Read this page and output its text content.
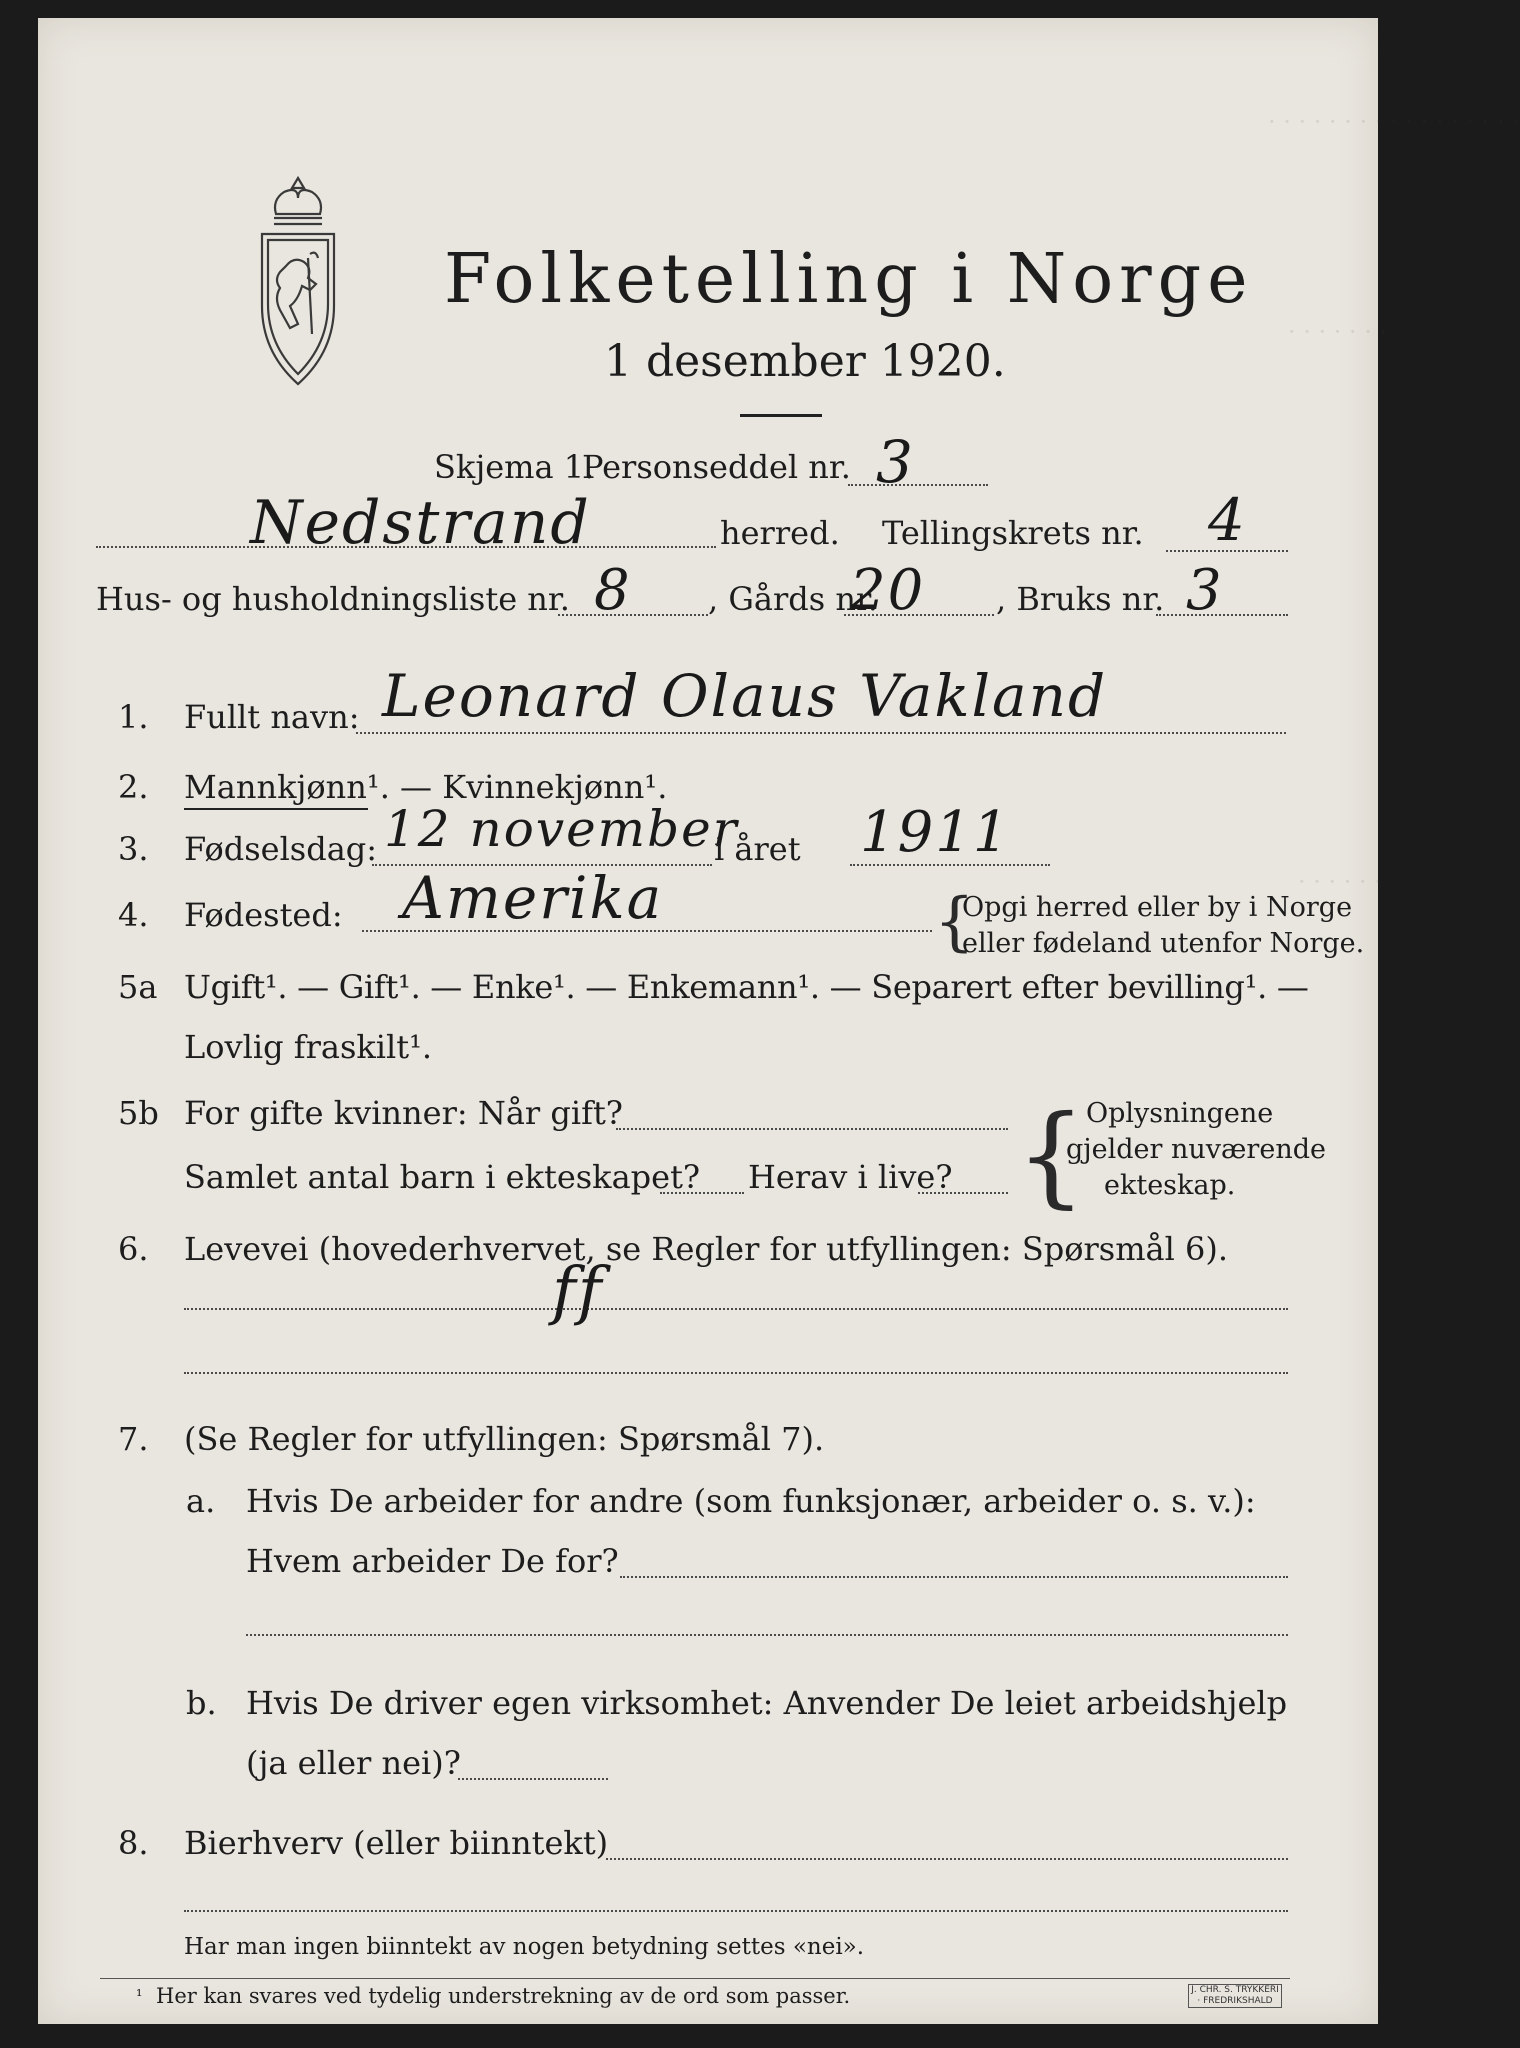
· · · · · · · · · · · · · · · · ·
· · · · · · ·
· · · · · ·
Folketelling i Norge
1 desember 1920.
Skjema 1.
Personseddel nr. 3
Nedstrand	herred. Tellingskrets nr. 4
Hus- og husholdningsliste nr. 8 , Gårds nr.
20 , Bruks nr. 3
1. Fullt navn: Leonard Olaus Vakland
2. Mannkjønn¹. — Kvinnekjønn¹.
3. Fødselsdag: 12 november
i året 1911
4. Fødested: Amerika	{
Opgi herred eller by i Norge
eller fødeland utenfor Norge.
5a Ugift¹. — Gift¹. — Enke¹. — Enkemann¹. — Separert efter bevilling¹. —
Lovlig fraskilt¹.
5b For gifte kvinner: Når gift?
Samlet antal barn i ekteskapet? Herav i live? { Oplysningene
gjelder nuværende
ekteskap.
6. Levevei (hovederhvervet, se Regler for utfyllingen: Spørsmål 6).
ff
7. (Se Regler for utfyllingen: Spørsmål 7).
a. Hvis De arbeider for andre (som funksjonær, arbeider o. s. v.):
Hvem arbeider De for?
b. Hvis De driver egen virksomhet: Anvender De leiet arbeidshjelp
(ja eller nei)?
8. Bierhverv (eller biinntekt)
Har man ingen biinntekt av nogen betydning settes «nei».
¹ Her kan svares ved tydelig understrekning av de ord som passer.	J. CHR. S. TRYKKERI · FREDRIKSHALD
